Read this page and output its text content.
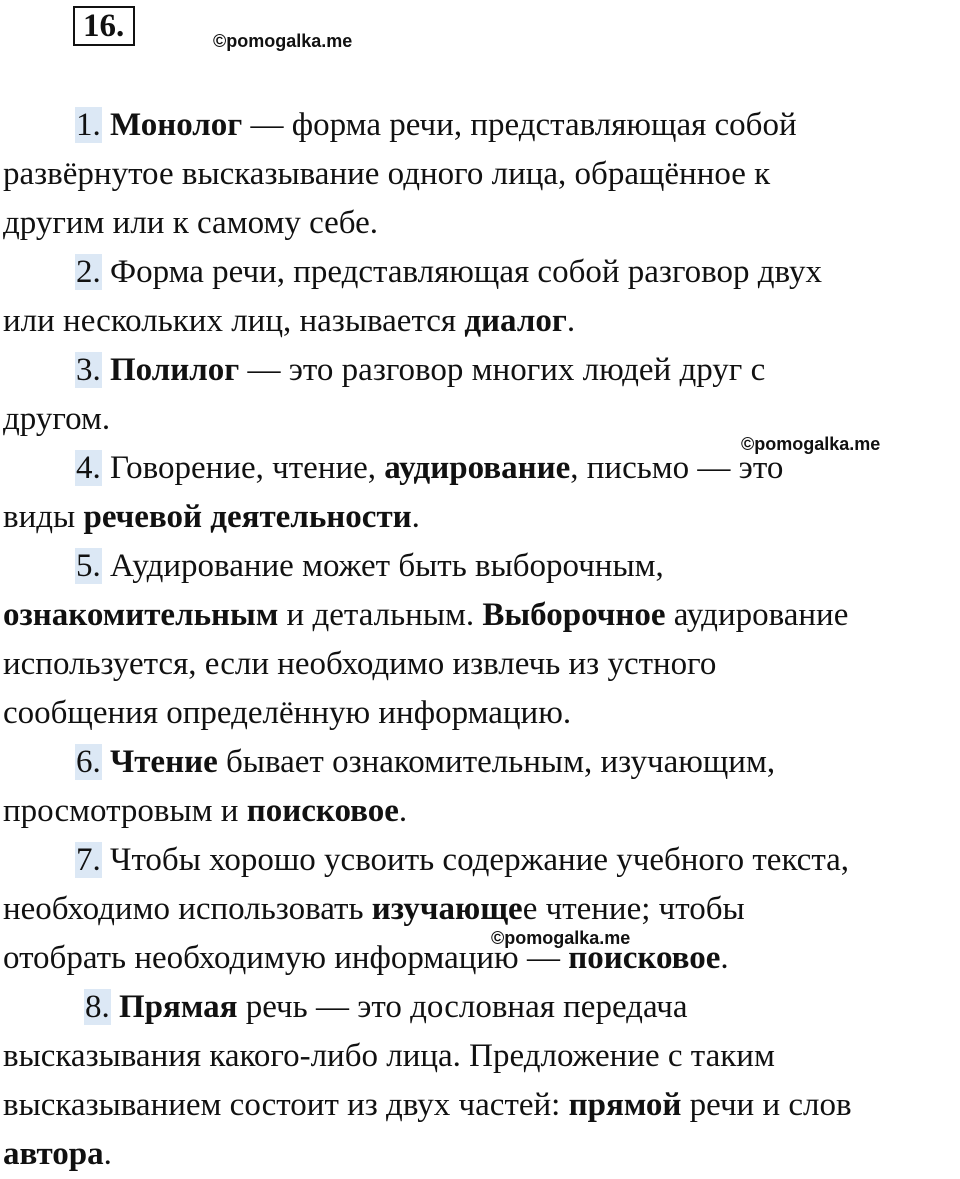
16.	©pomogalka.me
©pomogalka.me
©pomogalka.me

1. Монолог — форма речи, представляющая собой
развёрнутое высказывание одного лица, обращённое к
другим или к самому себе.

2. Форма речи, представляющая собой разговор двух
или нескольких лиц, называется диалог.

3. Полилог — это разговор многих людей друг с
другом.

4. Говорение, чтение, аудирование, письмо — это
виды речевой деятельности.

5. Аудирование может быть выборочным,
ознакомительным и детальным. Выборочное аудирование
используется, если необходимо извлечь из устного
сообщения определённую информацию.

6. Чтение бывает ознакомительным, изучающим,
просмотровым и поисковое.

7. Чтобы хорошо усвоить содержание учебного текста,
необходимо использовать изучающее чтение; чтобы
отобрать необходимую информацию — поисковое.

8. Прямая речь — это дословная передача
высказывания какого-либо лица. Предложение с таким
высказыванием состоит из двух частей: прямой речи и слов
автора.
